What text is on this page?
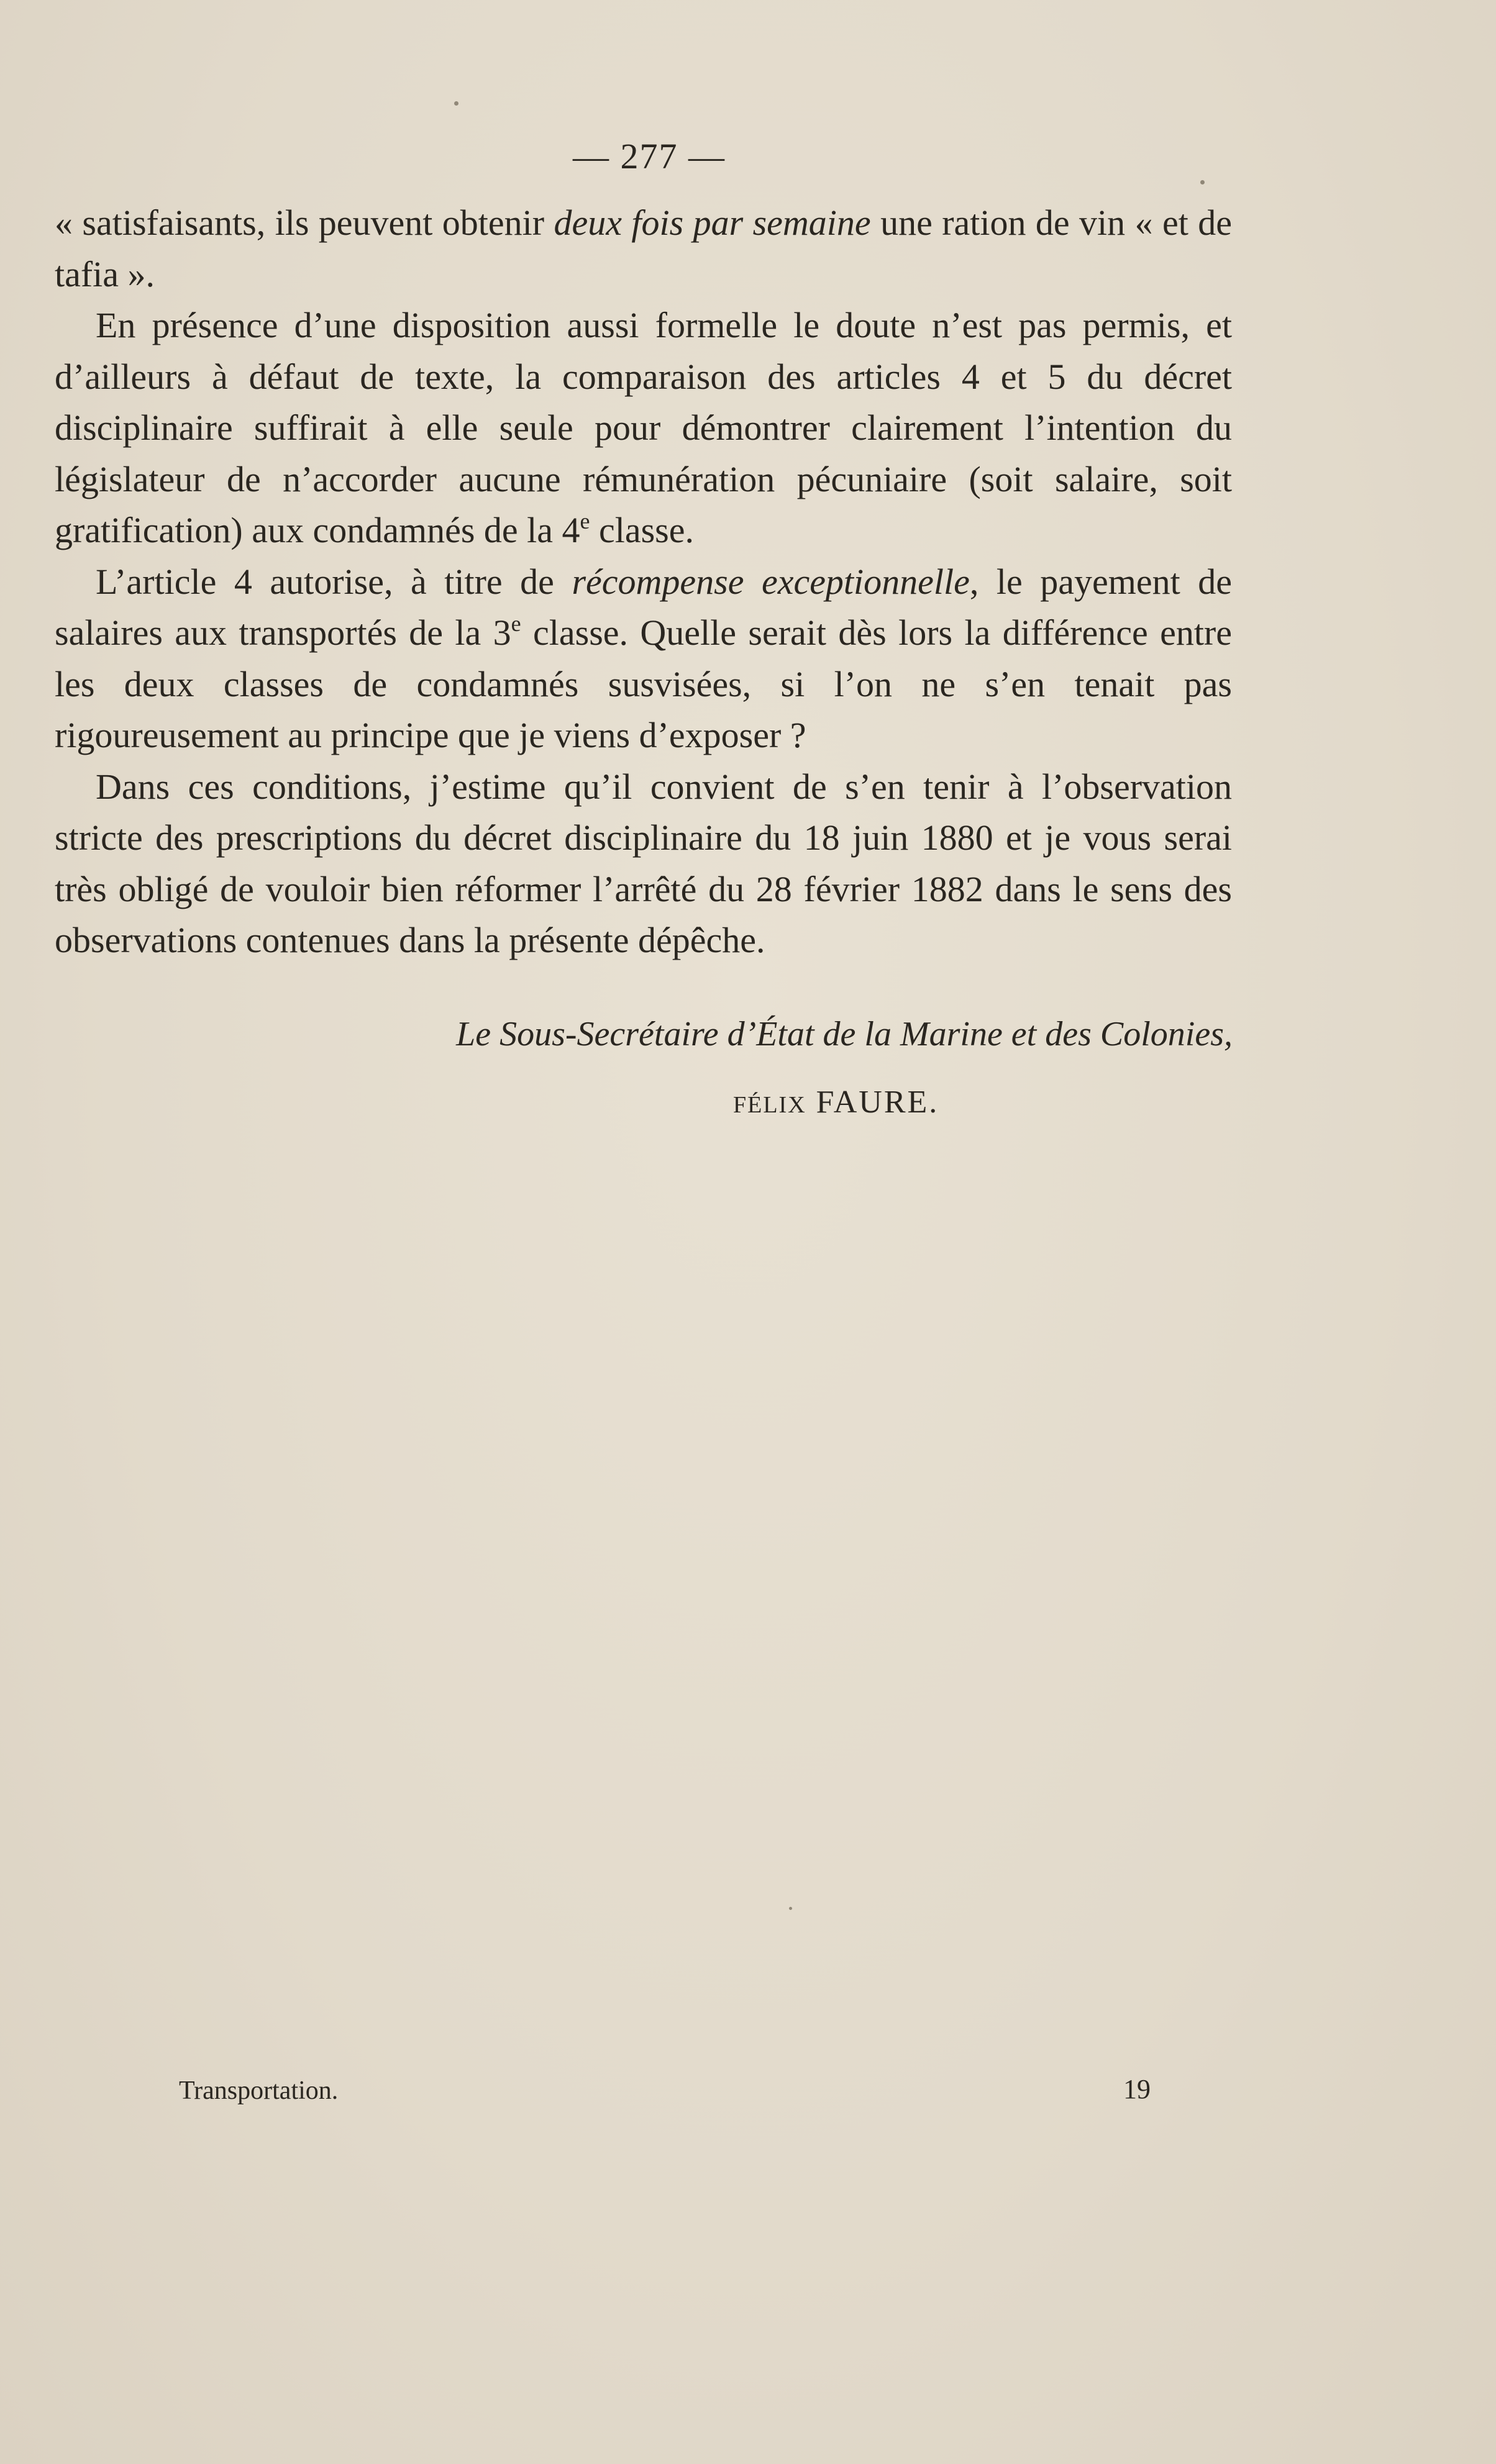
— 277 —

« satisfaisants, ils peuvent obtenir deux fois par semaine une ration de vin « et de tafia ».

En présence d’une disposition aussi formelle le doute n’est pas permis, et d’ailleurs à défaut de texte, la comparaison des articles 4 et 5 du décret disciplinaire suffirait à elle seule pour démontrer clairement l’intention du législateur de n’accorder aucune rémunération pécuniaire (soit salaire, soit gratification) aux condamnés de la 4e classe.

L’article 4 autorise, à titre de récompense exceptionnelle, le payement de salaires aux transportés de la 3e classe. Quelle serait dès lors la différence entre les deux classes de condamnés susvisées, si l’on ne s’en tenait pas rigoureusement au principe que je viens d’exposer ?

Dans ces conditions, j’estime qu’il convient de s’en tenir à l’observation stricte des prescriptions du décret disciplinaire du 18 juin 1880 et je vous serai très obligé de vouloir bien réformer l’arrêté du 28 février 1882 dans le sens des observations contenues dans la présente dépêche.

Le Sous-Secrétaire d’État de la Marine et des Colonies,
FÉLIX FAURE.
Transportation.	19
